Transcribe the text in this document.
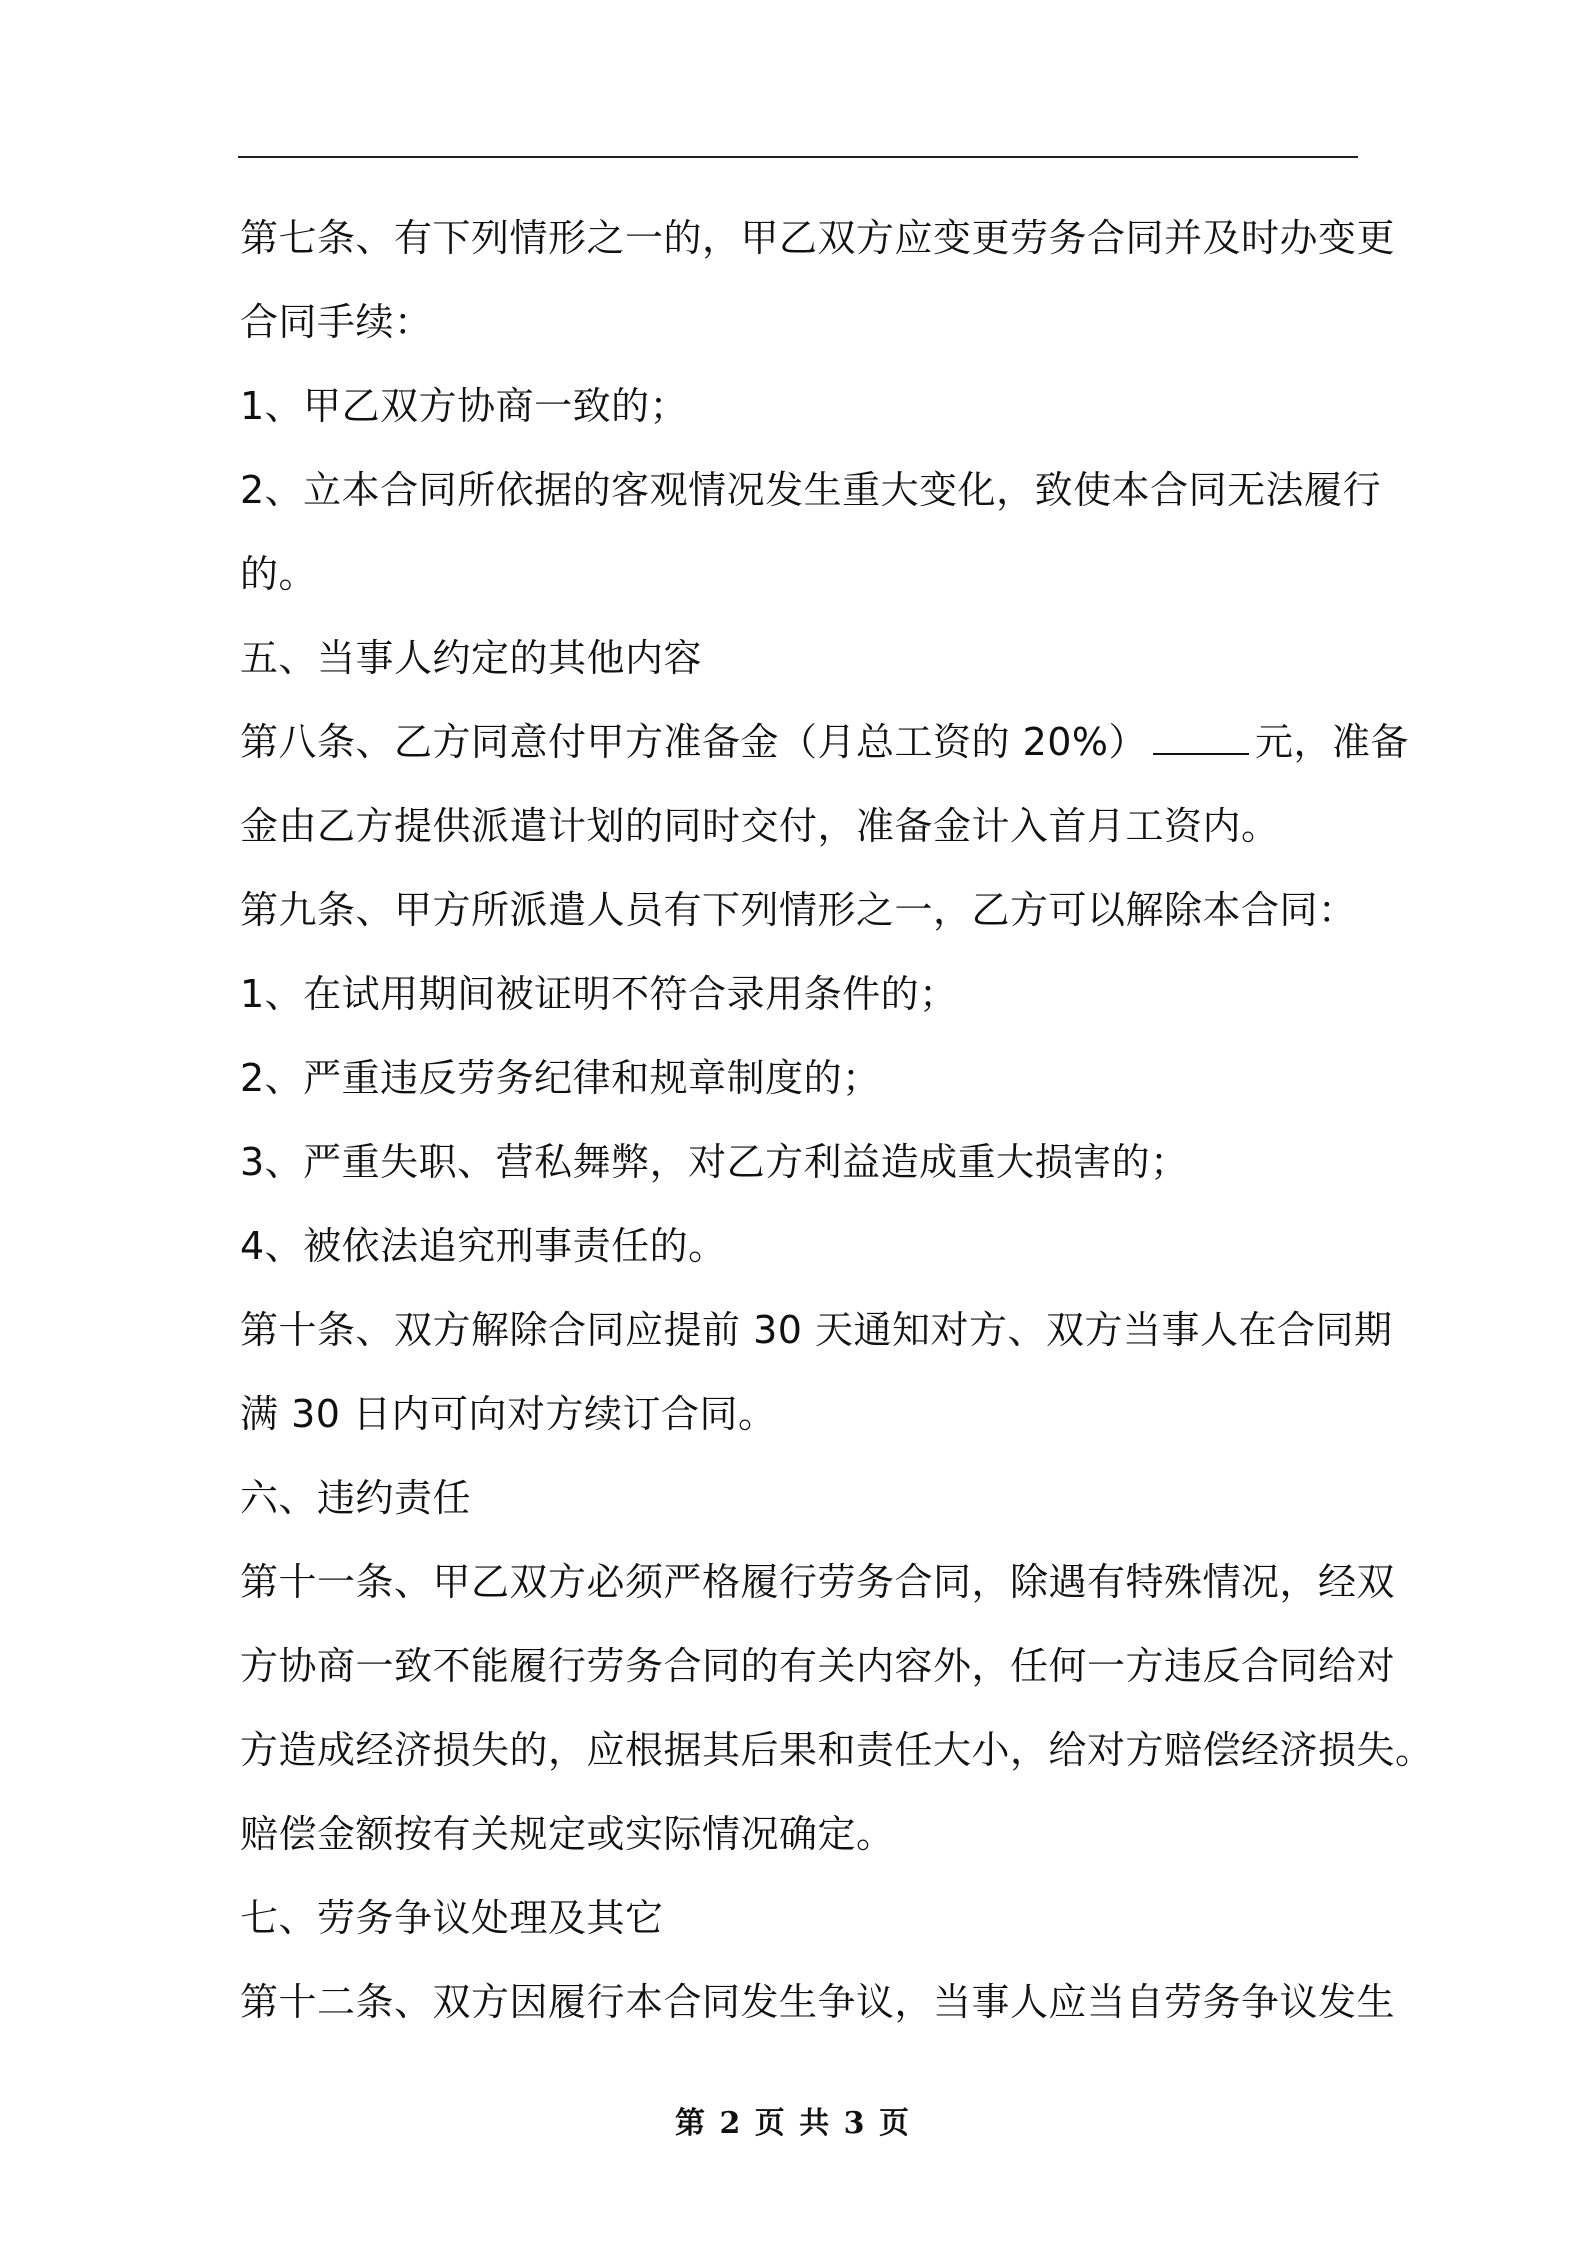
第七条、有下列情形之一的，甲乙双方应变更劳务合同并及时办变更
合同手续：
1、甲乙双方协商一致的；
2、立本合同所依据的客观情况发生重大变化，致使本合同无法履行
的。
五、当事人约定的其他内容
第八条、乙方同意付甲方准备金（月总工资的 20%）	元，准备
金由乙方提供派遣计划的同时交付，准备金计入首月工资内。
第九条、甲方所派遣人员有下列情形之一，乙方可以解除本合同：
1、在试用期间被证明不符合录用条件的；
2、严重违反劳务纪律和规章制度的；
3、严重失职、营私舞弊，对乙方利益造成重大损害的；
4、被依法追究刑事责任的。
第十条、双方解除合同应提前 30 天通知对方、双方当事人在合同期
满 30 日内可向对方续订合同。
六、违约责任
第十一条、甲乙双方必须严格履行劳务合同，除遇有特殊情况，经双
方协商一致不能履行劳务合同的有关内容外，任何一方违反合同给对
方造成经济损失的，应根据其后果和责任大小，给对方赔偿经济损失。
赔偿金额按有关规定或实际情况确定。
七、劳务争议处理及其它
第十二条、双方因履行本合同发生争议，当事人应当自劳务争议发生
第 2 页 共 3 页
